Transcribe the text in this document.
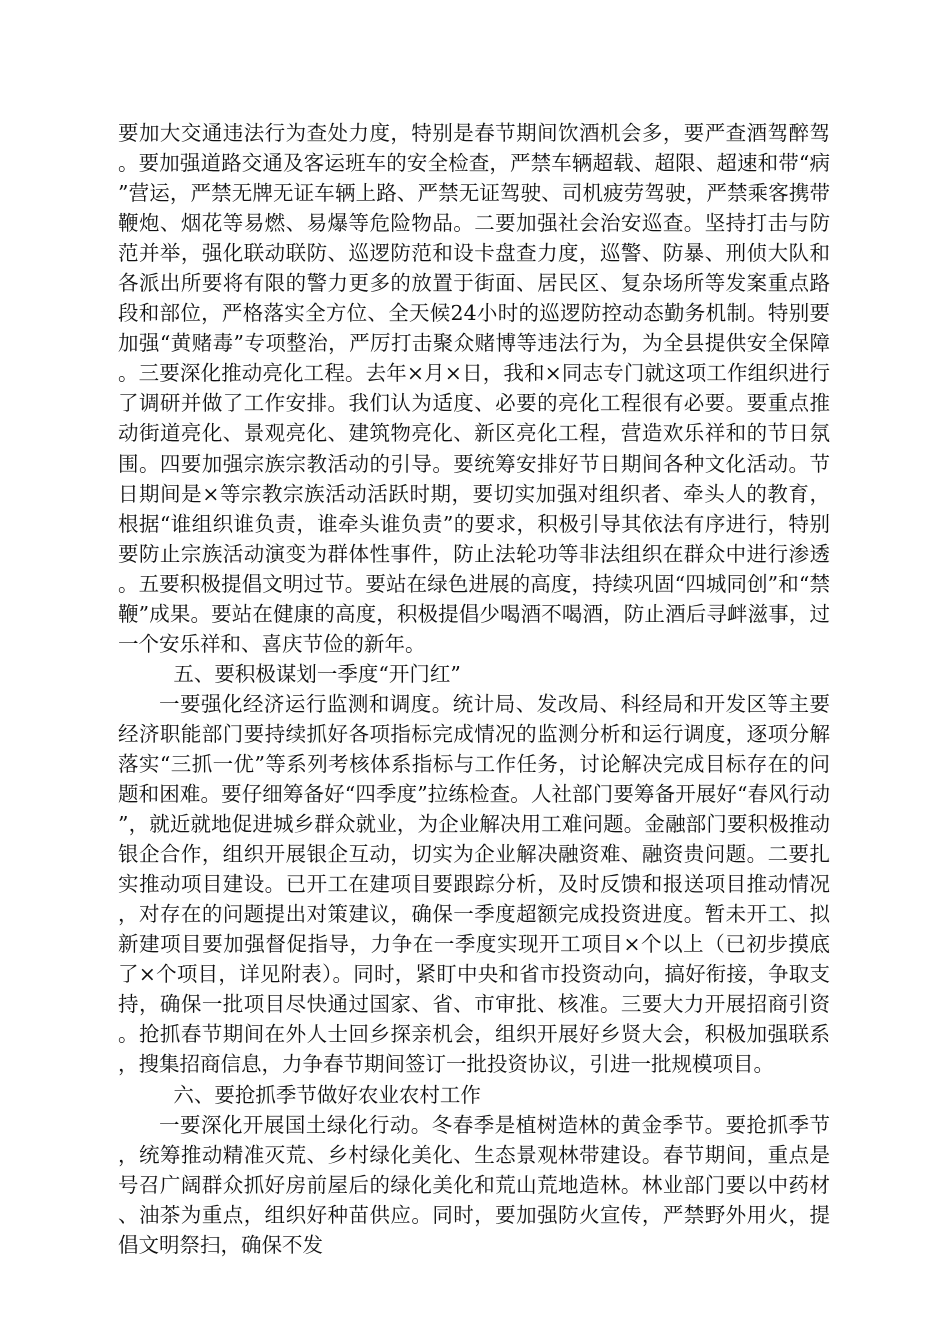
要加大交通违法行为查处力度，特别是春节期间饮酒机会多，要严查酒驾醉驾。要加强道路交通及客运班车的安全检查，严禁车辆超载、超限、超速和带“病”营运，严禁无牌无证车辆上路、严禁无证驾驶、司机疲劳驾驶，严禁乘客携带鞭炮、烟花等易燃、易爆等危险物品。二要加强社会治安巡查。坚持打击与防范并举，强化联动联防、巡逻防范和设卡盘查力度，巡警、防暴、刑侦大队和各派出所要将有限的警力更多的放置于街面、居民区、复杂场所等发案重点路段和部位，严格落实全方位、全天候24小时的巡逻防控动态勤务机制。特别要加强“黄赌毒”专项整治，严厉打击聚众赌博等违法行为，为全县提供安全保障。三要深化推动亮化工程。去年×月×日，我和×同志专门就这项工作组织进行了调研并做了工作安排。我们认为适度、必要的亮化工程很有必要。要重点推动街道亮化、景观亮化、建筑物亮化、新区亮化工程，营造欢乐祥和的节日氛围。四要加强宗族宗教活动的引导。要统筹安排好节日期间各种文化活动。节日期间是×等宗教宗族活动活跃时期，要切实加强对组织者、牵头人的教育，根据“谁组织谁负责，谁牵头谁负责”的要求，积极引导其依法有序进行，特别要防止宗族活动演变为群体性事件，防止法轮功等非法组织在群众中进行渗透。五要积极提倡文明过节。要站在绿色进展的高度，持续巩固“四城同创”和“禁鞭”成果。要站在健康的高度，积极提倡少喝酒不喝酒，防止酒后寻衅滋事，过一个安乐祥和、喜庆节俭的新年。

五、要积极谋划一季度“开门红”

一要强化经济运行监测和调度。统计局、发改局、科经局和开发区等主要经济职能部门要持续抓好各项指标完成情况的监测分析和运行调度，逐项分解落实“三抓一优”等系列考核体系指标与工作任务，讨论解决完成目标存在的问题和困难。要仔细筹备好“四季度”拉练检查。人社部门要筹备开展好“春风行动”，就近就地促进城乡群众就业，为企业解决用工难问题。金融部门要积极推动银企合作，组织开展银企互动，切实为企业解决融资难、融资贵问题。二要扎实推动项目建设。已开工在建项目要跟踪分析，及时反馈和报送项目推动情况，对存在的问题提出对策建议，确保一季度超额完成投资进度。暂未开工、拟新建项目要加强督促指导，力争在一季度实现开工项目×个以上（已初步摸底了×个项目，详见附表）。同时，紧盯中央和省市投资动向，搞好衔接，争取支持，确保一批项目尽快通过国家、省、市审批、核准。三要大力开展招商引资。抢抓春节期间在外人士回乡探亲机会，组织开展好乡贤大会，积极加强联系，搜集招商信息，力争春节期间签订一批投资协议，引进一批规模项目。

六、要抢抓季节做好农业农村工作

一要深化开展国土绿化行动。冬春季是植树造林的黄金季节。要抢抓季节，统筹推动精准灭荒、乡村绿化美化、生态景观林带建设。春节期间，重点是号召广阔群众抓好房前屋后的绿化美化和荒山荒地造林。林业部门要以中药材、油茶为重点，组织好种苗供应。同时，要加强防火宣传，严禁野外用火，提倡文明祭扫，确保不发
